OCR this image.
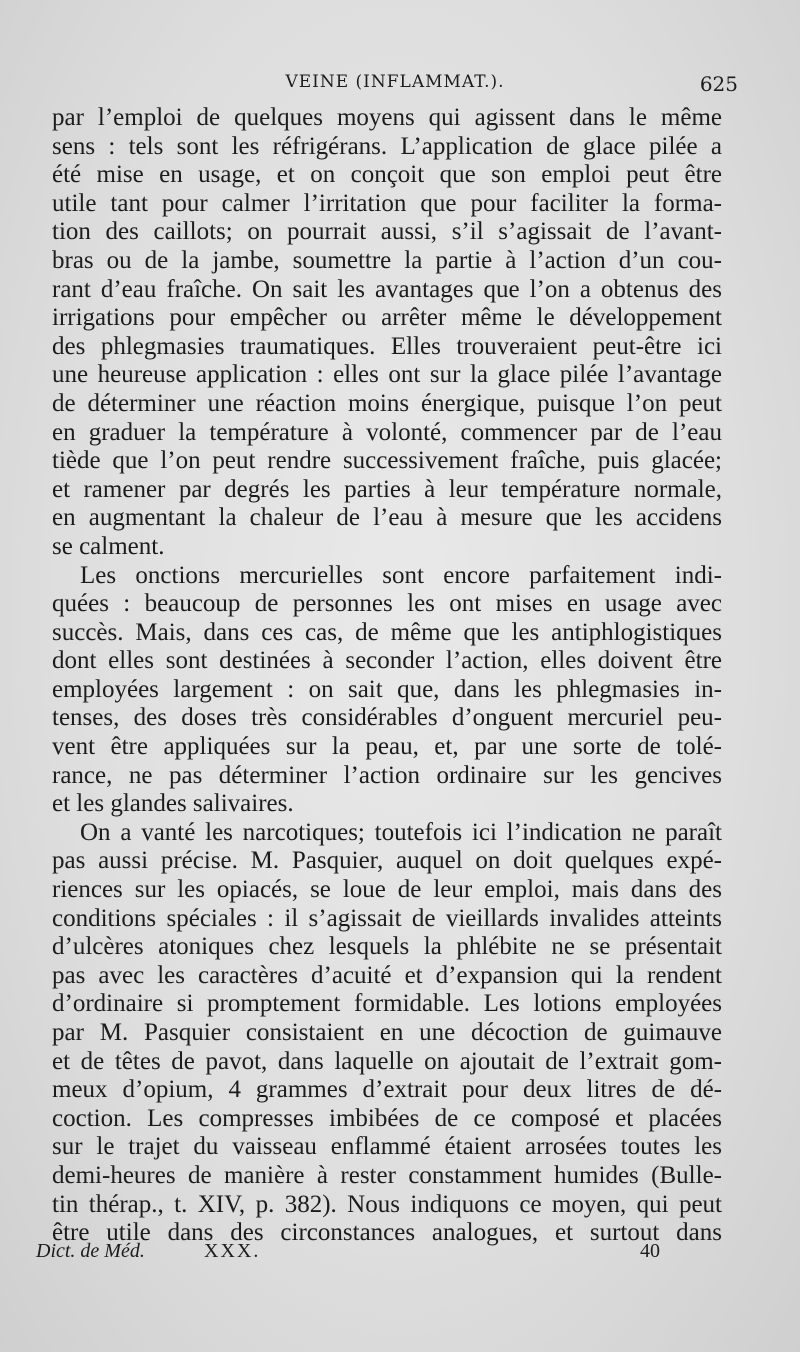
VEINE (INFLAMMAT.).	625

par l’emploi de quelques moyens qui agissent dans le même

sens : tels sont les réfrigérans. L’application de glace pilée a

été mise en usage, et on conçoit que son emploi peut être

utile tant pour calmer l’irritation que pour faciliter la forma-

tion des caillots; on pourrait aussi, s’il s’agissait de l’avant-

bras ou de la jambe, soumettre la partie à l’action d’un cou-

rant d’eau fraîche. On sait les avantages que l’on a obtenus des

irrigations pour empêcher ou arrêter même le développement

des phlegmasies traumatiques. Elles trouveraient peut-être ici

une heureuse application : elles ont sur la glace pilée l’avantage

de déterminer une réaction moins énergique, puisque l’on peut

en graduer la température à volonté, commencer par de l’eau

tiède que l’on peut rendre successivement fraîche, puis glacée;

et ramener par degrés les parties à leur température normale,

en augmentant la chaleur de l’eau à mesure que les accidens

se calment.

Les onctions mercurielles sont encore parfaitement indi-

quées : beaucoup de personnes les ont mises en usage avec

succès. Mais, dans ces cas, de même que les antiphlogistiques

dont elles sont destinées à seconder l’action, elles doivent être

employées largement : on sait que, dans les phlegmasies in-

tenses, des doses très considérables d’onguent mercuriel peu-

vent être appliquées sur la peau, et, par une sorte de tolé-

rance, ne pas déterminer l’action ordinaire sur les gencives

et les glandes salivaires.

On a vanté les narcotiques; toutefois ici l’indication ne paraît

pas aussi précise. M. Pasquier, auquel on doit quelques expé-

riences sur les opiacés, se loue de leur emploi, mais dans des

conditions spéciales : il s’agissait de vieillards invalides atteints

d’ulcères atoniques chez lesquels la phlébite ne se présentait

pas avec les caractères d’acuité et d’expansion qui la rendent

d’ordinaire si promptement formidable. Les lotions employées

par M. Pasquier consistaient en une décoction de guimauve

et de têtes de pavot, dans laquelle on ajoutait de l’extrait gom-

meux d’opium, 4 grammes d’extrait pour deux litres de dé-

coction. Les compresses imbibées de ce composé et placées

sur le trajet du vaisseau enflammé étaient arrosées toutes les

demi-heures de manière à rester constamment humides (Bulle-

tin thérap., t. XIV, p. 382). Nous indiquons ce moyen, qui peut

être utile dans des circonstances analogues, et surtout dans

Dict. de Méd.	XXX.	40
